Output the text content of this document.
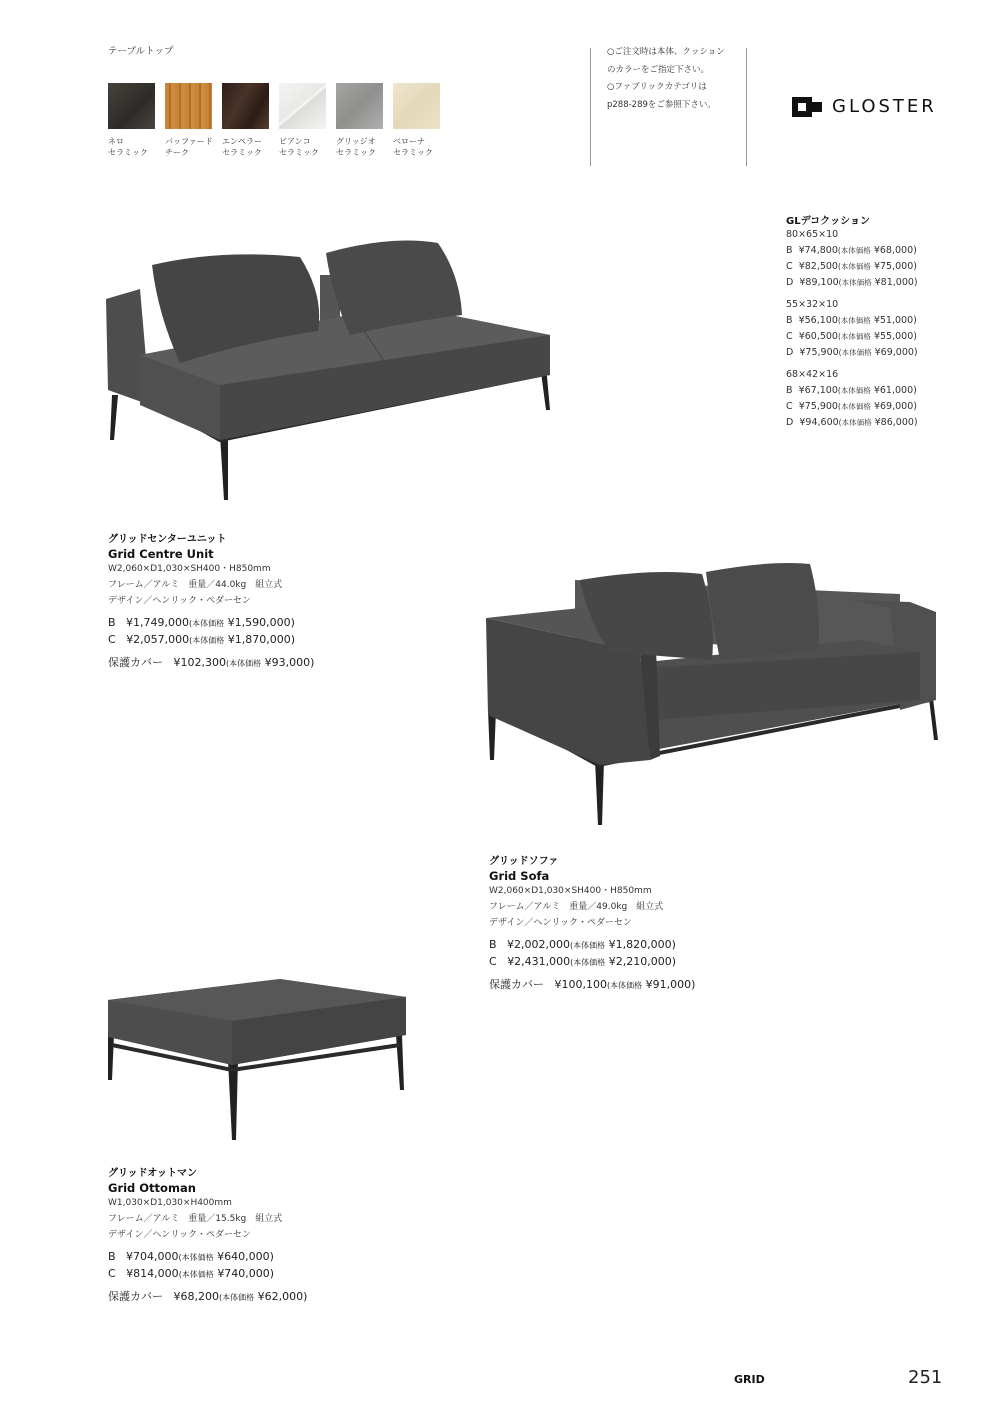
テーブルトップ
ネロ
セラミック
バッファード
チーク
エンペラー
セラミック
ビアンコ
セラミック
グリッジオ
セラミック
ベローナ
セラミック
○ご注文時は本体、クッション
のカラーをご指定下さい。
○ファブリックカテゴリは
p288-289をご参照下さい。	GLOSTER
GLデコクッション
80×65×10
B ¥74,800(本体価格 ¥68,000)
C ¥82,500(本体価格 ¥75,000)
D ¥89,100(本体価格 ¥81,000)
55×32×10
B ¥56,100(本体価格 ¥51,000)
C ¥60,500(本体価格 ¥55,000)
D ¥75,900(本体価格 ¥69,000)
68×42×16
B ¥67,100(本体価格 ¥61,000)
C ¥75,900(本体価格 ¥69,000)
D ¥94,600(本体価格 ¥86,000)
グリッドセンターユニット
Grid Centre Unit
W2,060×D1,030×SH400・H850mm
フレーム／アルミ　重量／44.0kg　組立式
デザイン／ヘンリック・ペダーセン
B ¥1,749,000(本体価格 ¥1,590,000)
C ¥2,057,000(本体価格 ¥1,870,000)
保護カバー ¥102,300(本体価格 ¥93,000)
グリッドソファ
Grid Sofa
W2,060×D1,030×SH400・H850mm
フレーム／アルミ　重量／49.0kg　組立式
デザイン／ヘンリック・ペダーセン
B ¥2,002,000(本体価格 ¥1,820,000)
C ¥2,431,000(本体価格 ¥2,210,000)
保護カバー ¥100,100(本体価格 ¥91,000)
グリッドオットマン
Grid Ottoman
W1,030×D1,030×H400mm
フレーム／アルミ　重量／15.5kg　組立式
デザイン／ヘンリック・ペダーセン
B ¥704,000(本体価格 ¥640,000)
C ¥814,000(本体価格 ¥740,000)
保護カバー ¥68,200(本体価格 ¥62,000)
GRID	251
